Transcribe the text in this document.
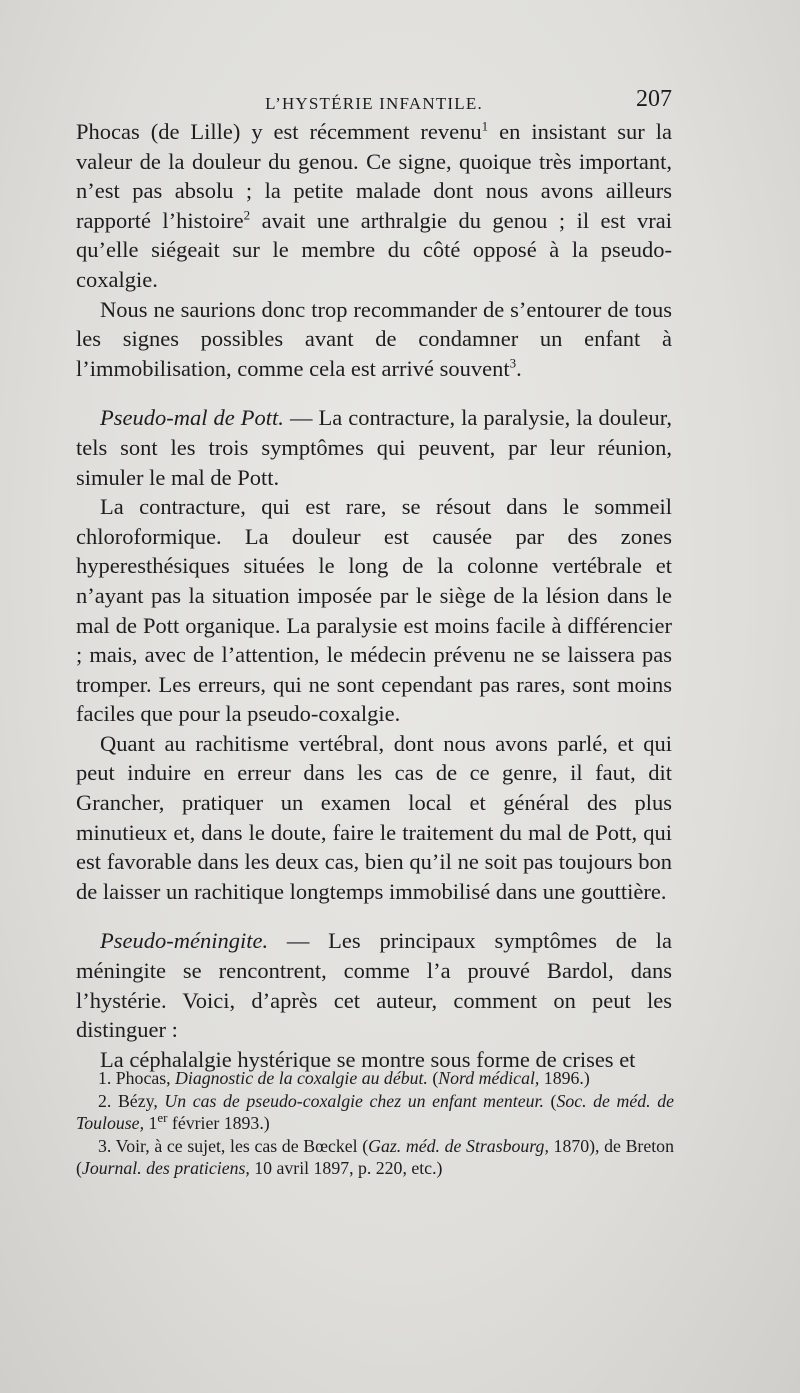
L’HYSTÉRIE INFANTILE.	207

Phocas (de Lille) y est récemment revenu$^1$ en insistant sur la valeur de la douleur du genou. Ce signe, quoique très important, n’est pas absolu ; la petite malade dont nous avons ailleurs rapporté l’histoire$^2$ avait une arthralgie du genou ; il est vrai qu’elle siégeait sur le membre du côté opposé à la pseudo-coxalgie.

Nous ne saurions donc trop recommander de s’entourer de tous les signes possibles avant de condamner un enfant à l’immobilisation, comme cela est arrivé souvent$^3$.

Pseudo-mal de Pott. — La contracture, la paralysie, la douleur, tels sont les trois symptômes qui peuvent, par leur réunion, simuler le mal de Pott.

La contracture, qui est rare, se résout dans le sommeil chloroformique. La douleur est causée par des zones hyperesthésiques situées le long de la colonne vertébrale et n’ayant pas la situation imposée par le siège de la lésion dans le mal de Pott organique. La paralysie est moins facile à différencier ; mais, avec de l’attention, le médecin prévenu ne se laissera pas tromper. Les erreurs, qui ne sont cependant pas rares, sont moins faciles que pour la pseudo-coxalgie.

Quant au rachitisme vertébral, dont nous avons parlé, et qui peut induire en erreur dans les cas de ce genre, il faut, dit Grancher, pratiquer un examen local et général des plus minutieux et, dans le doute, faire le traitement du mal de Pott, qui est favorable dans les deux cas, bien qu’il ne soit pas toujours bon de laisser un rachitique longtemps immobilisé dans une gouttière.

Pseudo-méningite. — Les principaux symptômes de la méningite se rencontrent, comme l’a prouvé Bardol, dans l’hystérie. Voici, d’après cet auteur, comment on peut les distinguer :

La céphalalgie hystérique se montre sous forme de crises et

1. Phocas, Diagnostic de la coxalgie au début. (Nord médical, 1896.)

2. Bézy, Un cas de pseudo-coxalgie chez un enfant menteur. (Soc. de méd. de Toulouse, 1er février 1893.)

3. Voir, à ce sujet, les cas de Bœckel (Gaz. méd. de Strasbourg, 1870), de Breton (Journal. des praticiens, 10 avril 1897, p. 220, etc.)
